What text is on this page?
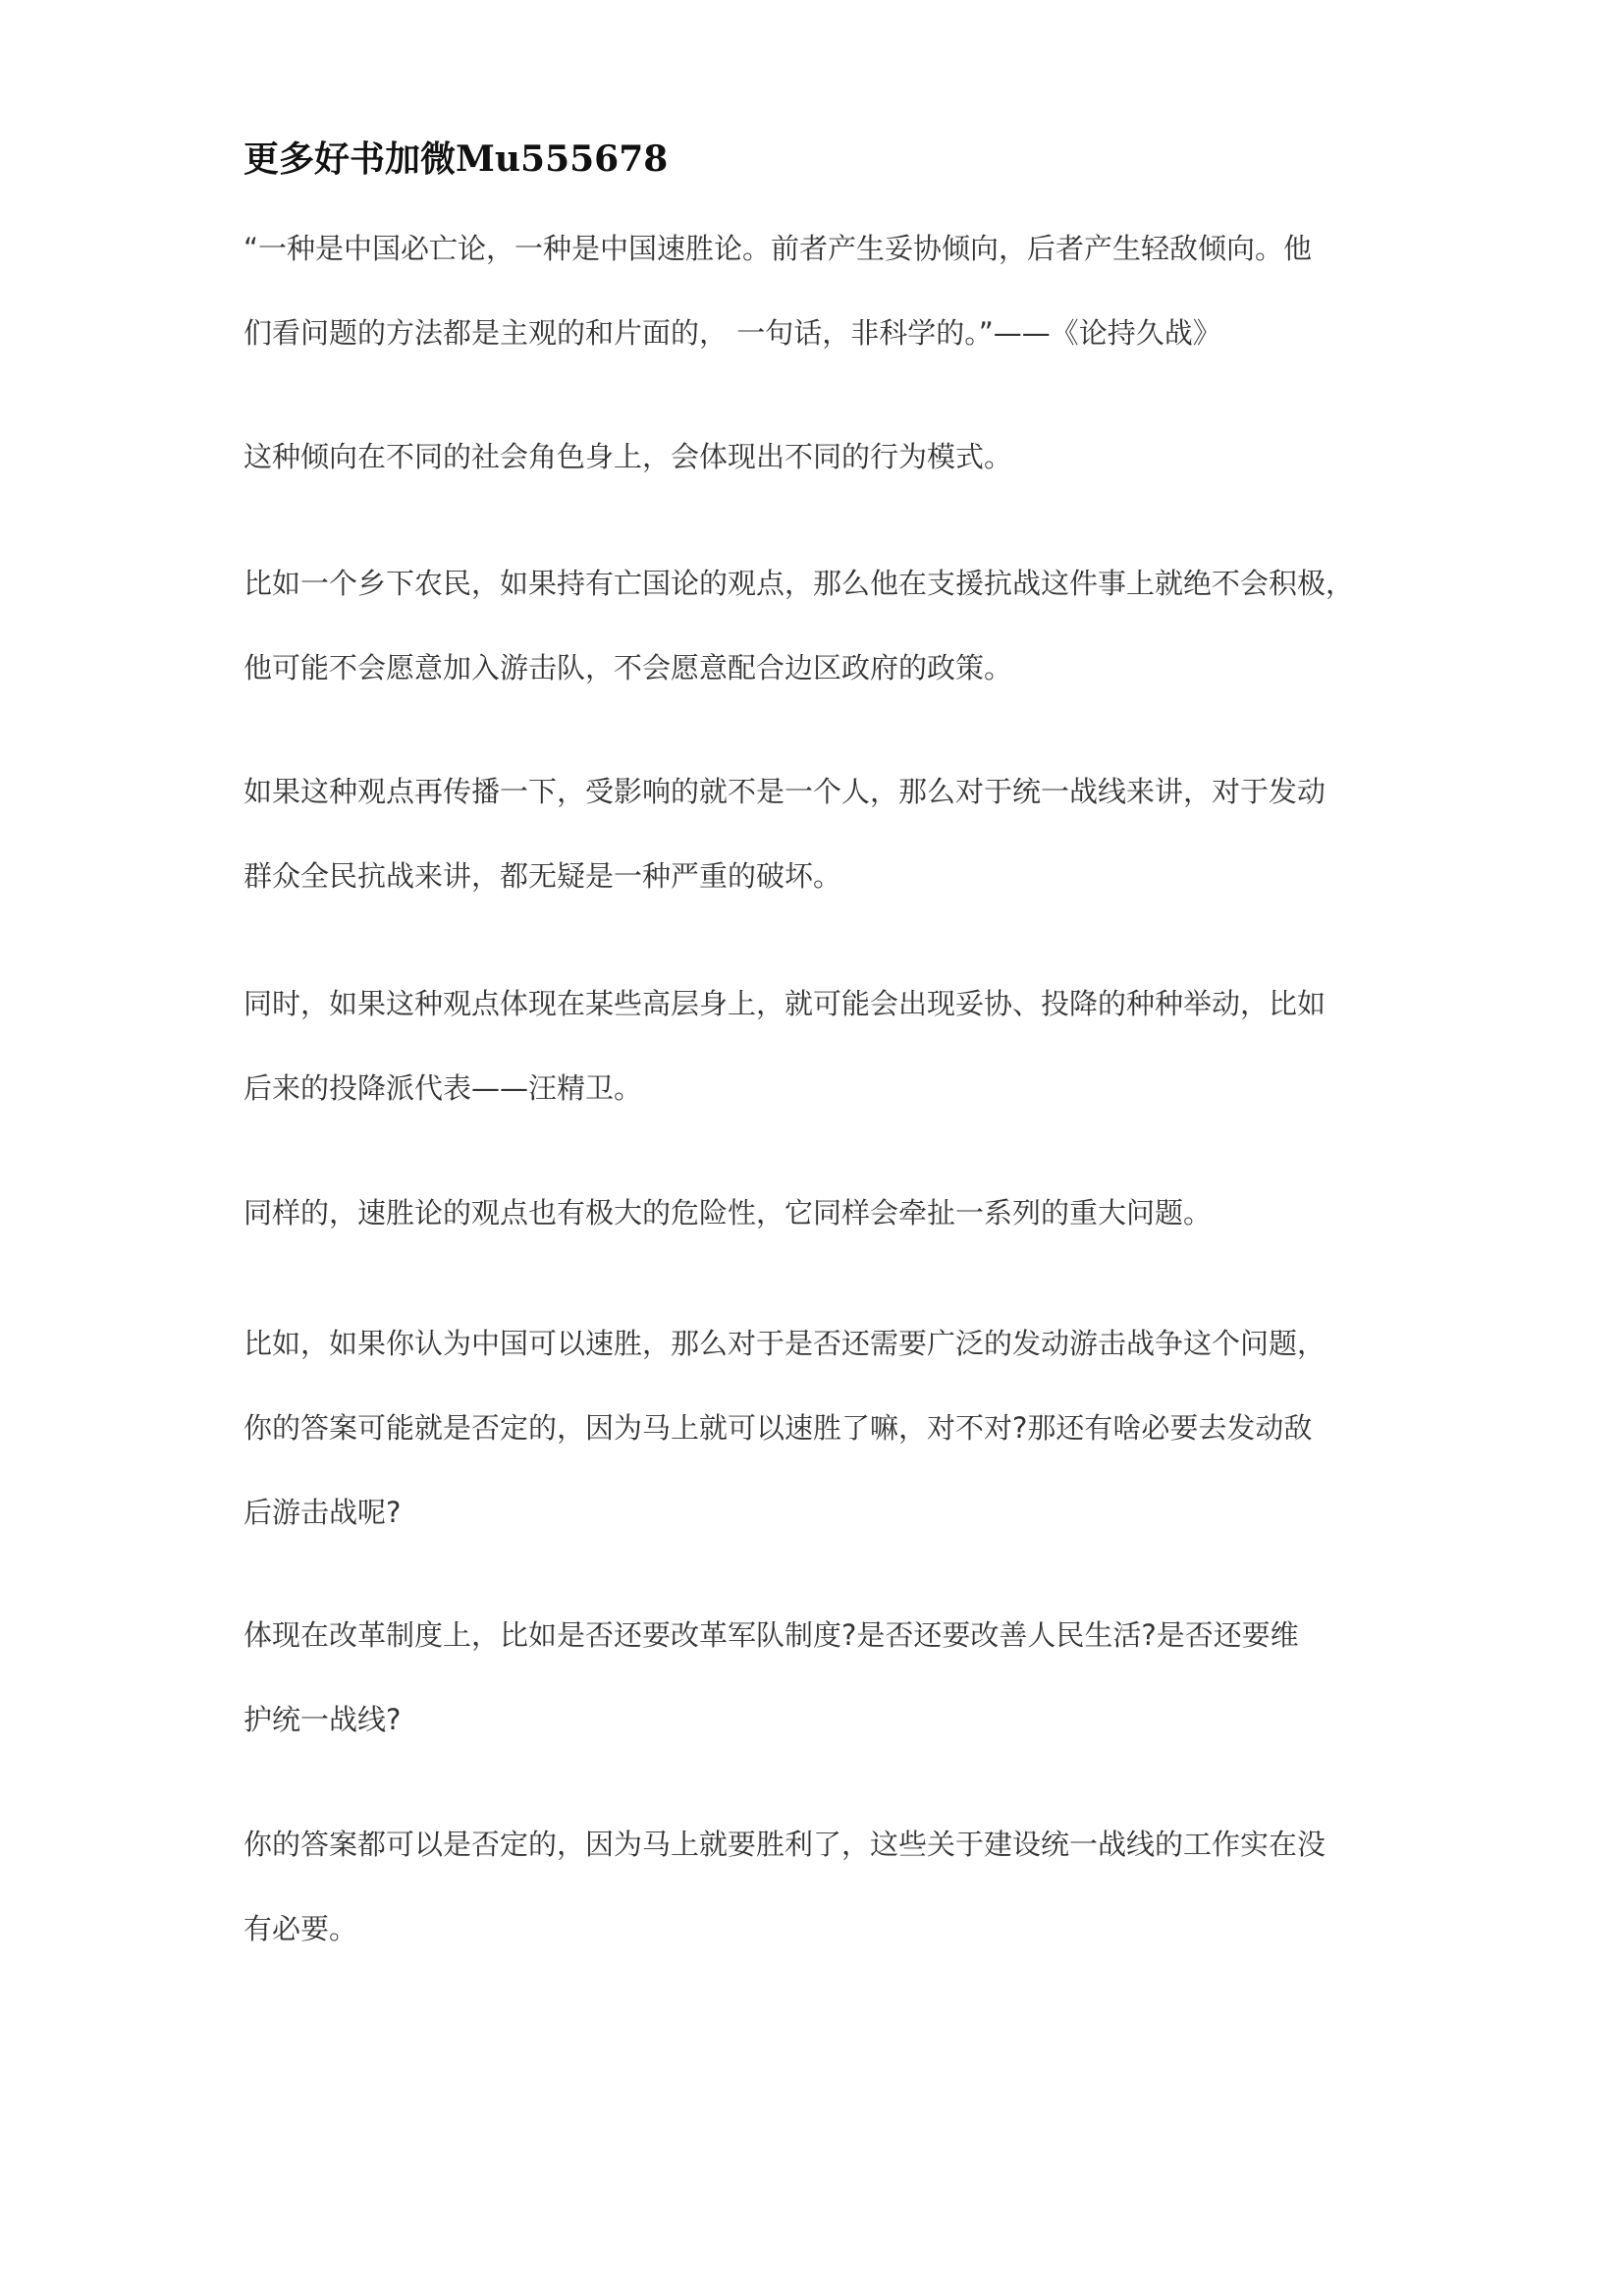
更多好书加微Mu555678
“一种是中国必亡论，一种是中国速胜论。前者产生妥协倾向，后者产生轻敌倾向。他
们看问题的方法都是主观的和片面的， 一句话，非科学的。”——《论持久战》
这种倾向在不同的社会角色身上，会体现出不同的行为模式。
比如一个乡下农民，如果持有亡国论的观点，那么他在支援抗战这件事上就绝不会积极，
他可能不会愿意加入游击队，不会愿意配合边区政府的政策。
如果这种观点再传播一下，受影响的就不是一个人，那么对于统一战线来讲，对于发动
群众全民抗战来讲，都无疑是一种严重的破坏。
同时，如果这种观点体现在某些高层身上，就可能会出现妥协、投降的种种举动，比如
后来的投降派代表——汪精卫。
同样的，速胜论的观点也有极大的危险性，它同样会牵扯一系列的重大问题。
比如，如果你认为中国可以速胜，那么对于是否还需要广泛的发动游击战争这个问题，
你的答案可能就是否定的，因为马上就可以速胜了嘛，对不对?那还有啥必要去发动敌
后游击战呢?
体现在改革制度上，比如是否还要改革军队制度?是否还要改善人民生活?是否还要维
护统一战线?
你的答案都可以是否定的，因为马上就要胜利了，这些关于建设统一战线的工作实在没
有必要。
